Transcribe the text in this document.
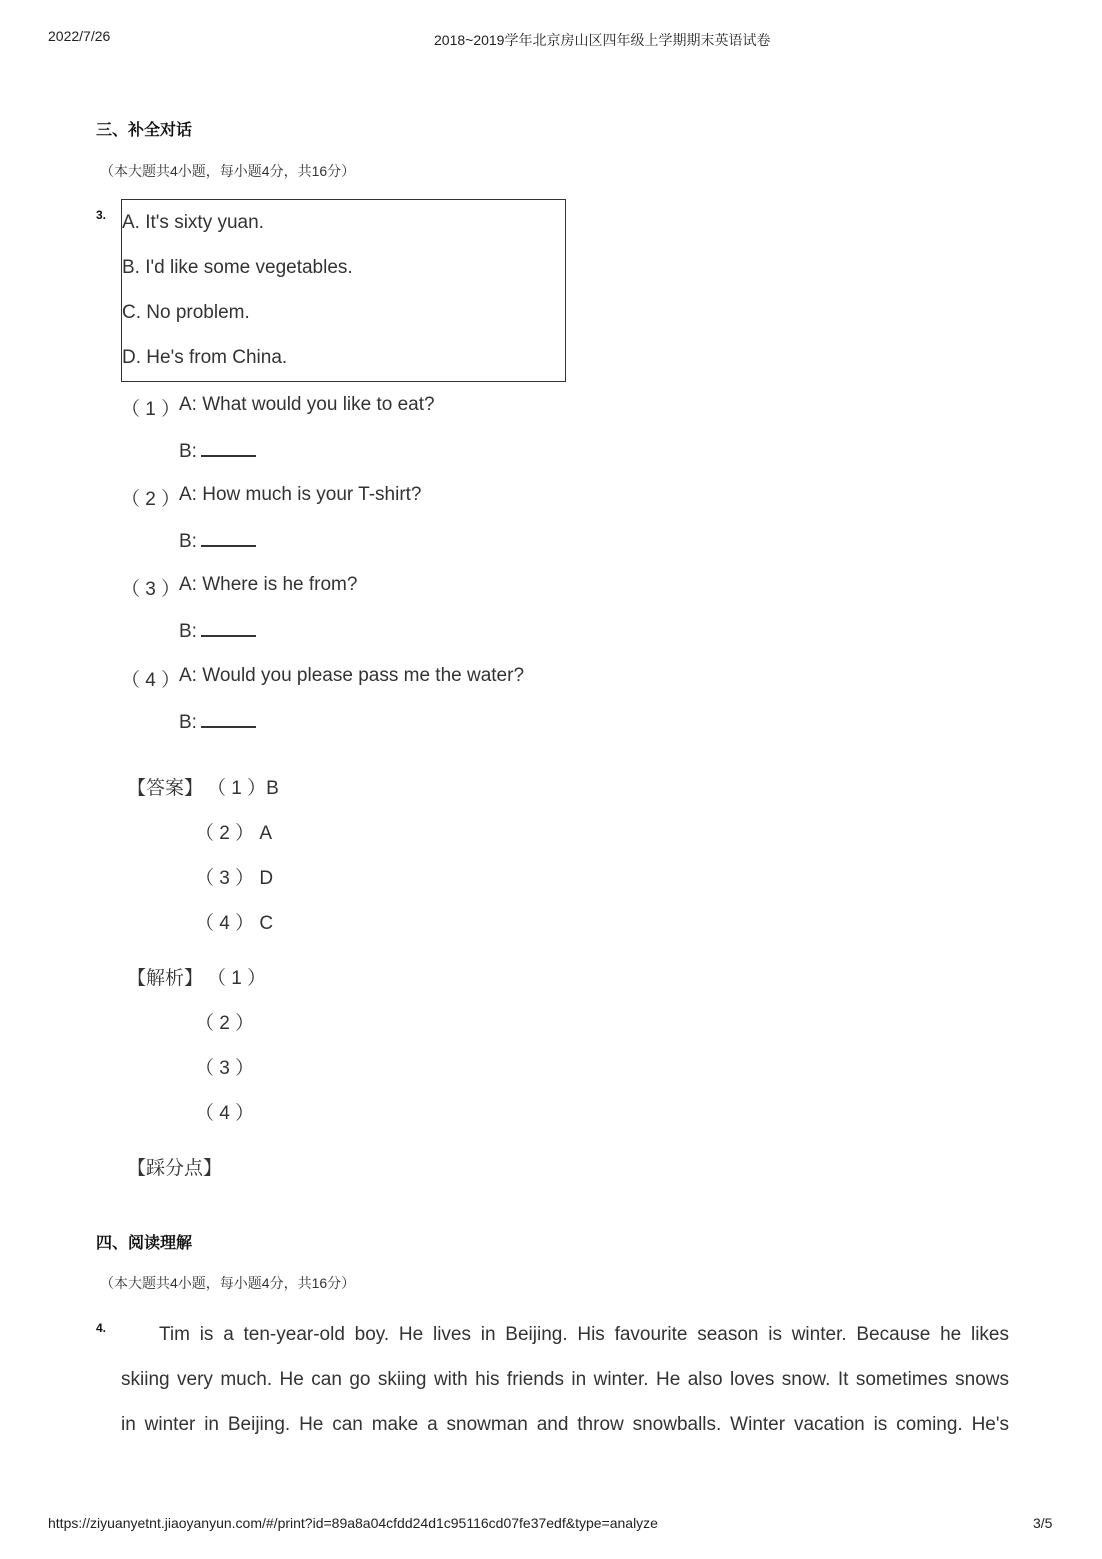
2022/7/26	2018~2019学年北京房山区四年级上学期期末英语试卷
三、补全对话
（本大题共4小题，每小题4分，共16分）
3. A. It's sixty yuan.
B. I'd like some vegetables.
C. No problem.
D. He's from China.
（ 1 ）
A: What would you like to eat?
B:
（ 2 ）
A: How much is your T-shirt?
B:
（ 3 ）
A: Where is he from?
B:
（ 4 ）
A: Would you please pass me the water?
B:
【答案】 （ 1 ）B
（ 2 ） A
（ 3 ） D
（ 4 ） C
【解析】 （ 1 ）
（ 2 ）
（ 3 ）
（ 4 ）
【踩分点】
四、阅读理解
（本大题共4小题，每小题4分，共16分）
4.	Tim is a ten-year-old boy. He lives in Beijing. His favourite season is winter. Because he likes
skiing very much. He can go skiing with his friends in winter. He also loves snow. It sometimes snows
in winter in Beijing. He can make a snowman and throw snowballs. Winter vacation is coming. He's
https://ziyuanyetnt.jiaoyanyun.com/#/print?id=89a8a04cfdd24d1c95116cd07fe37edf&type=analyze	3/5
